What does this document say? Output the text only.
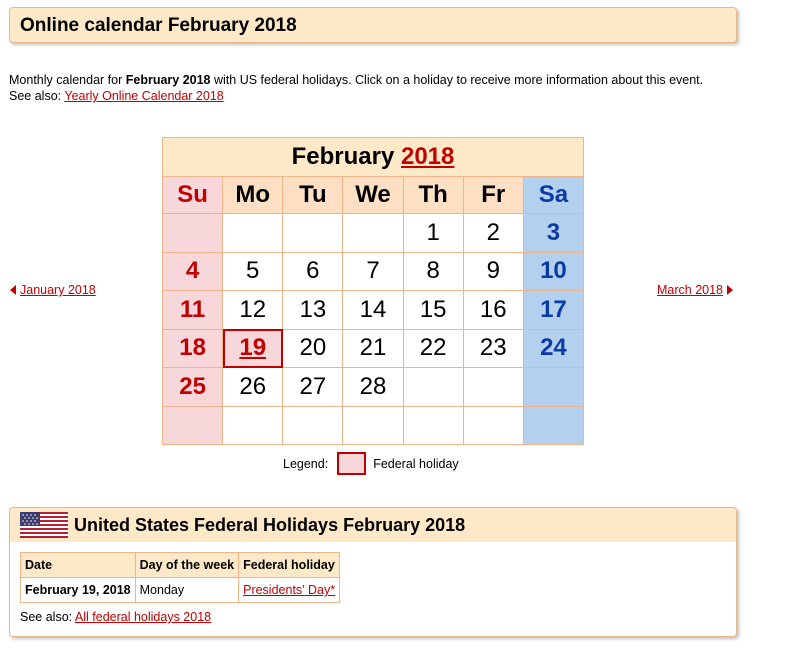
Online calendar February 2018
Monthly calendar for February 2018 with US federal holidays. Click on a holiday to receive more information about this event.
See also: Yearly Online Calendar 2018
January 2018	March 2018
February 2018						
Su	Mo	Tu	We	Th	Fr	Sa
				1	2	3
4	5	6	7	8	9	10
11	12	13	14	15	16	17
18	19	20	21	22	23	24
25	26	27	28			

Legend:	Federal holiday
United States Federal Holidays February 2018
Date	Day of the week	Federal holiday
February 19, 2018	Monday	Presidents' Day*
See also: All federal holidays 2018
